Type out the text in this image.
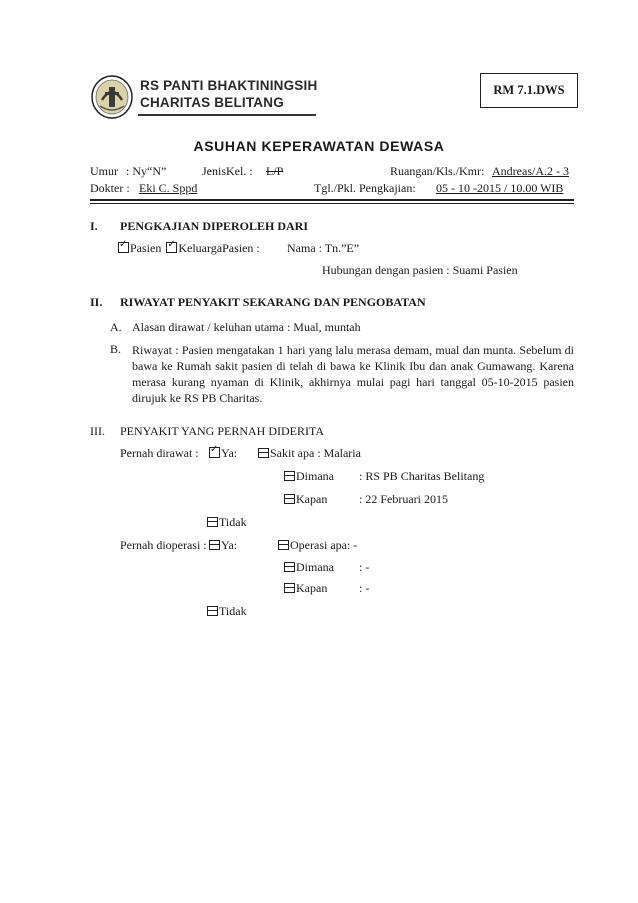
RS PANTI BHAKTININGSIH
CHARITAS BELITANG
RM 7.1.DWS
ASUHAN KEPERAWATAN DEWASA
Umur : Ny“N”	JenisKel. : L/P	Ruangan/Kls./Kmr: Andreas/A.2 - 3
Dokter : Eki C. Sppd	Tgl./Pkl. Pengkajian: 05 - 10 -2015 / 10.00 WIB
I. PENGKAJIAN DIPEROLEH DARI
✓Pasien ✓ KeluargaPasien : Nama : Tn.”E”
Hubungan dengan pasien : Suami Pasien
II. RIWAYAT PENYAKIT SEKARANG DAN PENGOBATAN
A. Alasan dirawat / keluhan utama : Mual, muntah
B. Riwayat : Pasien mengatakan 1 hari yang lalu merasa demam, mual dan munta. Sebelum di bawa ke Rumah sakit pasien di telah di bawa ke Klinik Ibu dan anak Gumawang. Karena merasa kurang nyaman di Klinik, akhirnya mulai pagi hari tanggal 05-10-2015 pasien dirujuk ke RS PB Charitas.
III. PENYAKIT YANG PERNAH DIDERITA
Pernah dirawat : ✓	Ya:	Sakit apa : Malaria
Dimana : RS PB Charitas Belitang
Kapan	: 22 Februari 2015
Tidak
Pernah dioperasi :	Ya:	Operasi apa: -
Dimana : -
Kapan	: -
Tidak
